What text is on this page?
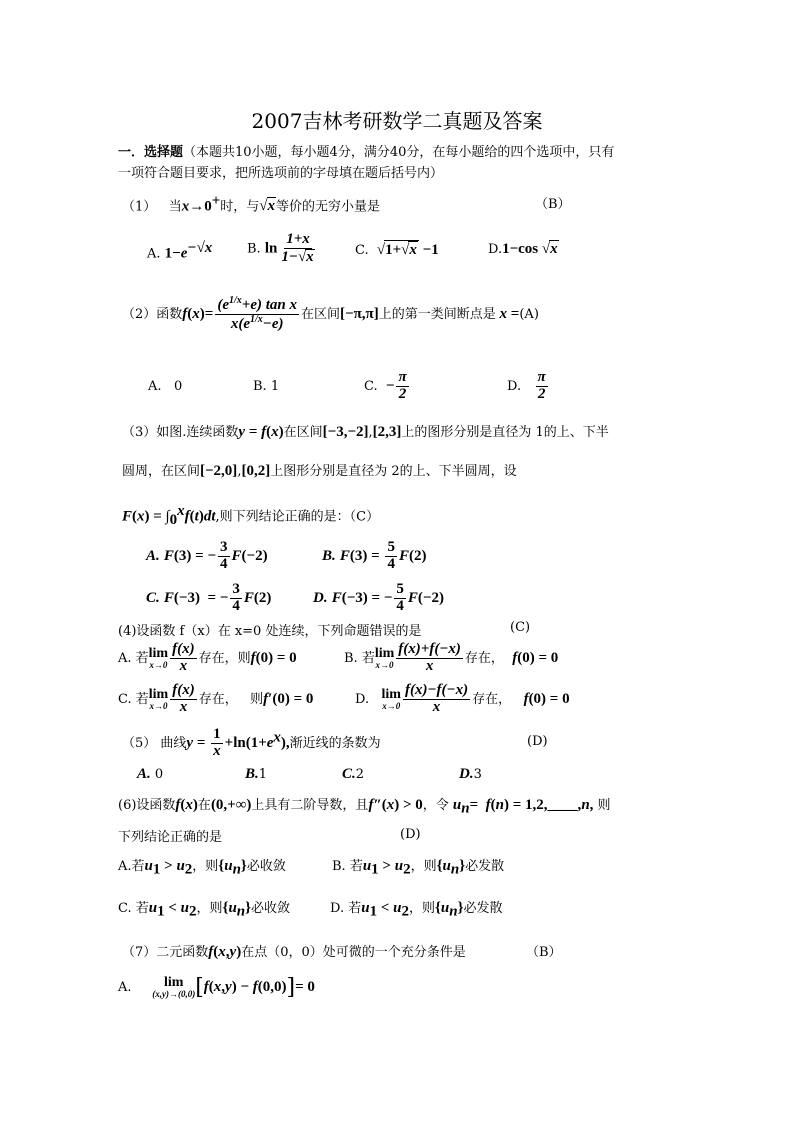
2007吉林考研数学二真题及答案
一．选择题（本题共10小题，每小题4分，满分40分，在每小题给的四个选项中，只有
一项符合题目要求，把所选项前的字母填在题后括号内）
（1） 当x→0+时，与√x等价的无穷小量是	（B）
A. $1-e^{-√x}$	B. $\ln \frac{1+x}{1-√x}$	C. √1+√x −1	D.1−cos √x
（2）函数$f(x)= \frac{(e^{1/x}+e) \tan x}{x(e^{1/x}-e)}$ 在区间[−π,π]上的第一类间断点是 x =(A)
A. 0	B. 1	C. − $\frac{\pi}{2}$	D. $\frac{\pi}{2}$
（3）如图.连续函数y = f(x)在区间[−3,−2],[2,3]上的图形分别是直径为 1的上、下半
圆周，在区间[−2,0],[0,2]上图形分别是直径为 2的上、下半圆周，设
$F(x) = \int_0^xf(t)dt$,则下列结论正确的是：（C）
A. F(3) = − $\frac{3}{4} F(-2)$	B. $F(3) = \frac{5}{4} F(2)$
C. F(−3)  = − $\frac{3}{4} F(2)$	D. F(−3) = − $\frac{5}{4} F(-2)$
(4)设函数 f（x）在 x=0 处连续，下列命题错误的是	(C)
A. 若 lim
$x\to 0 \frac{f(x)}{x}$ 存在，则f(0) = 0	B. 若 lim
$x\to 0 \frac{f(x)+f(-x)}{x}$ 存在， f(0) = 0
C. 若 lim
$x\to 0 \frac{f(x)}{x}$ 存在，   则f′(0) = 0	D. lim
$x\to 0 \frac{f(x)-f(-x)}{x}$ 存在， f(0) = 0
（5） 曲线$y = \frac{1}{x} +\ln(1+e^x)$,渐近线的条数为	(D)
A. 0	B.1	C.2	D.3
(6)设函数f(x)在(0,+∞)上具有二阶导数，且f″(x) > 0，令 $u_n= f(n)$ = 1,2,____,n, 则
下列结论正确的是	(D)
A.若$u_1 > u_2$，则$\{u_n\}$必收敛	B. 若$u_1 > u_2$，则$\{u_n\}$必发散
C. 若$u_1 < u_2$，则$\{u_n\}$必收敛	D. 若$u_1 < u_2$，则$\{u_n\}$必发散
（7）二元函数f(x,y)在点（0，0）处可微的一个充分条件是	（B）
A. lim
(x,y)→(0,0) [f(x,y) − f(0,0)]= 0
